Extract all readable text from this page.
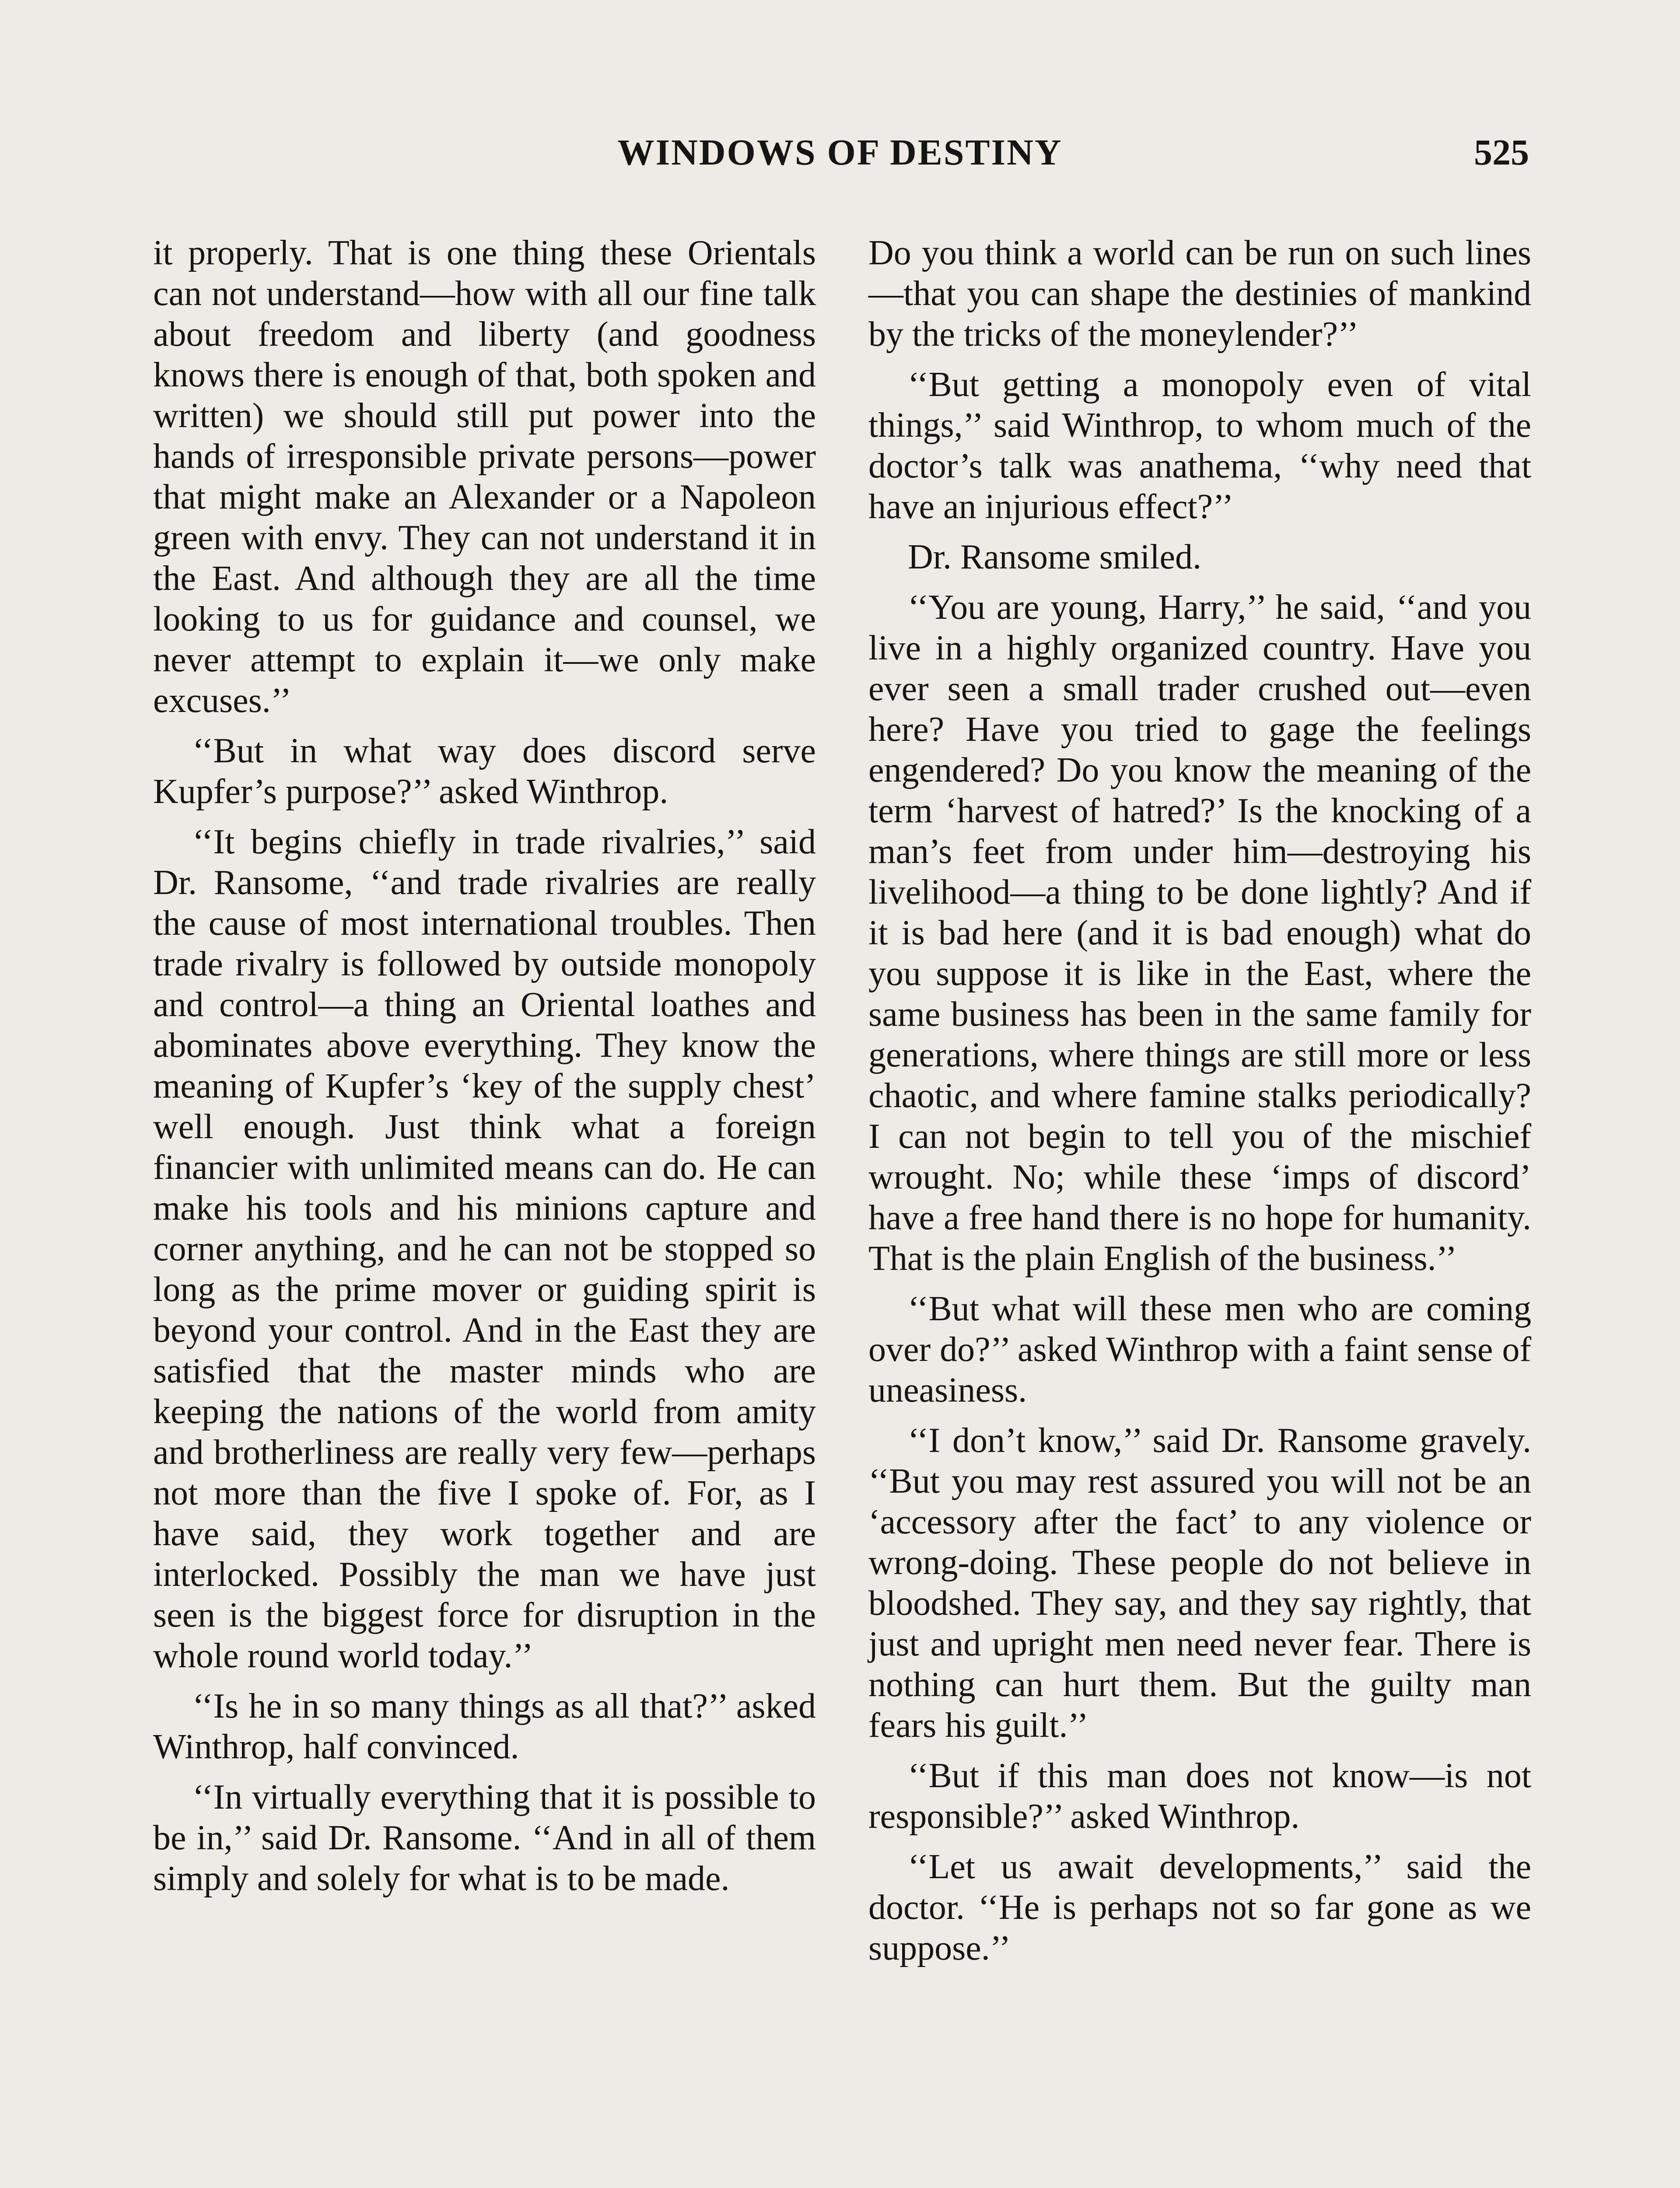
WINDOWS OF DESTINY	525

it properly. That is one thing these Orientals can not understand—how with all our fine talk about freedom and liberty (and goodness knows there is enough of that, both spoken and written) we should still put power into the hands of irresponsible private persons—power that might make an Alexander or a Napoleon green with envy. They can not understand it in the East. And although they are all the time looking to us for guidance and counsel, we never attempt to explain it—we only make excuses.’’

‘‘But in what way does discord serve Kupfer’s purpose?’’ asked Winthrop.

‘‘It begins chiefly in trade rivalries,’’ said Dr. Ransome, ‘‘and trade rivalries are really the cause of most international troubles. Then trade rivalry is followed by outside monopoly and control—a thing an Oriental loathes and abominates above everything. They know the meaning of Kupfer’s ‘key of the supply chest’ well enough. Just think what a foreign financier with unlimited means can do. He can make his tools and his minions capture and corner anything, and he can not be stopped so long as the prime mover or guiding spirit is beyond your control. And in the East they are satisfied that the master minds who are keeping the nations of the world from amity and brotherliness are really very few—perhaps not more than the five I spoke of. For, as I have said, they work together and are interlocked. Possibly the man we have just seen is the biggest force for disruption in the whole round world today.’’

‘‘Is he in so many things as all that?’’ asked Winthrop, half convinced.

‘‘In virtually everything that it is possible to be in,’’ said Dr. Ransome. ‘‘And in all of them simply and solely for what is to be made.

Do you think a world can be run on such lines—that you can shape the destinies of mankind by the tricks of the moneylender?’’

‘‘But getting a monopoly even of vital things,’’ said Winthrop, to whom much of the doctor’s talk was anathema, ‘‘why need that have an injurious effect?’’

Dr. Ransome smiled.

‘‘You are young, Harry,’’ he said, ‘‘and you live in a highly organized country. Have you ever seen a small trader crushed out—even here? Have you tried to gage the feelings engendered? Do you know the meaning of the term ‘harvest of hatred?’ Is the knocking of a man’s feet from under him—destroying his livelihood—a thing to be done lightly? And if it is bad here (and it is bad enough) what do you suppose it is like in the East, where the same business has been in the same family for generations, where things are still more or less chaotic, and where famine stalks periodically? I can not begin to tell you of the mischief wrought. No; while these ‘imps of discord’ have a free hand there is no hope for humanity. That is the plain English of the business.’’

‘‘But what will these men who are coming over do?’’ asked Winthrop with a faint sense of uneasiness.

‘‘I don’t know,’’ said Dr. Ransome gravely. ‘‘But you may rest assured you will not be an ‘accessory after the fact’ to any violence or wrong-doing. These people do not believe in bloodshed. They say, and they say rightly, that just and upright men need never fear. There is nothing can hurt them. But the guilty man fears his guilt.’’

‘‘But if this man does not know—is not responsible?’’ asked Winthrop.

‘‘Let us await developments,’’ said the doctor. ‘‘He is perhaps not so far gone as we suppose.’’
